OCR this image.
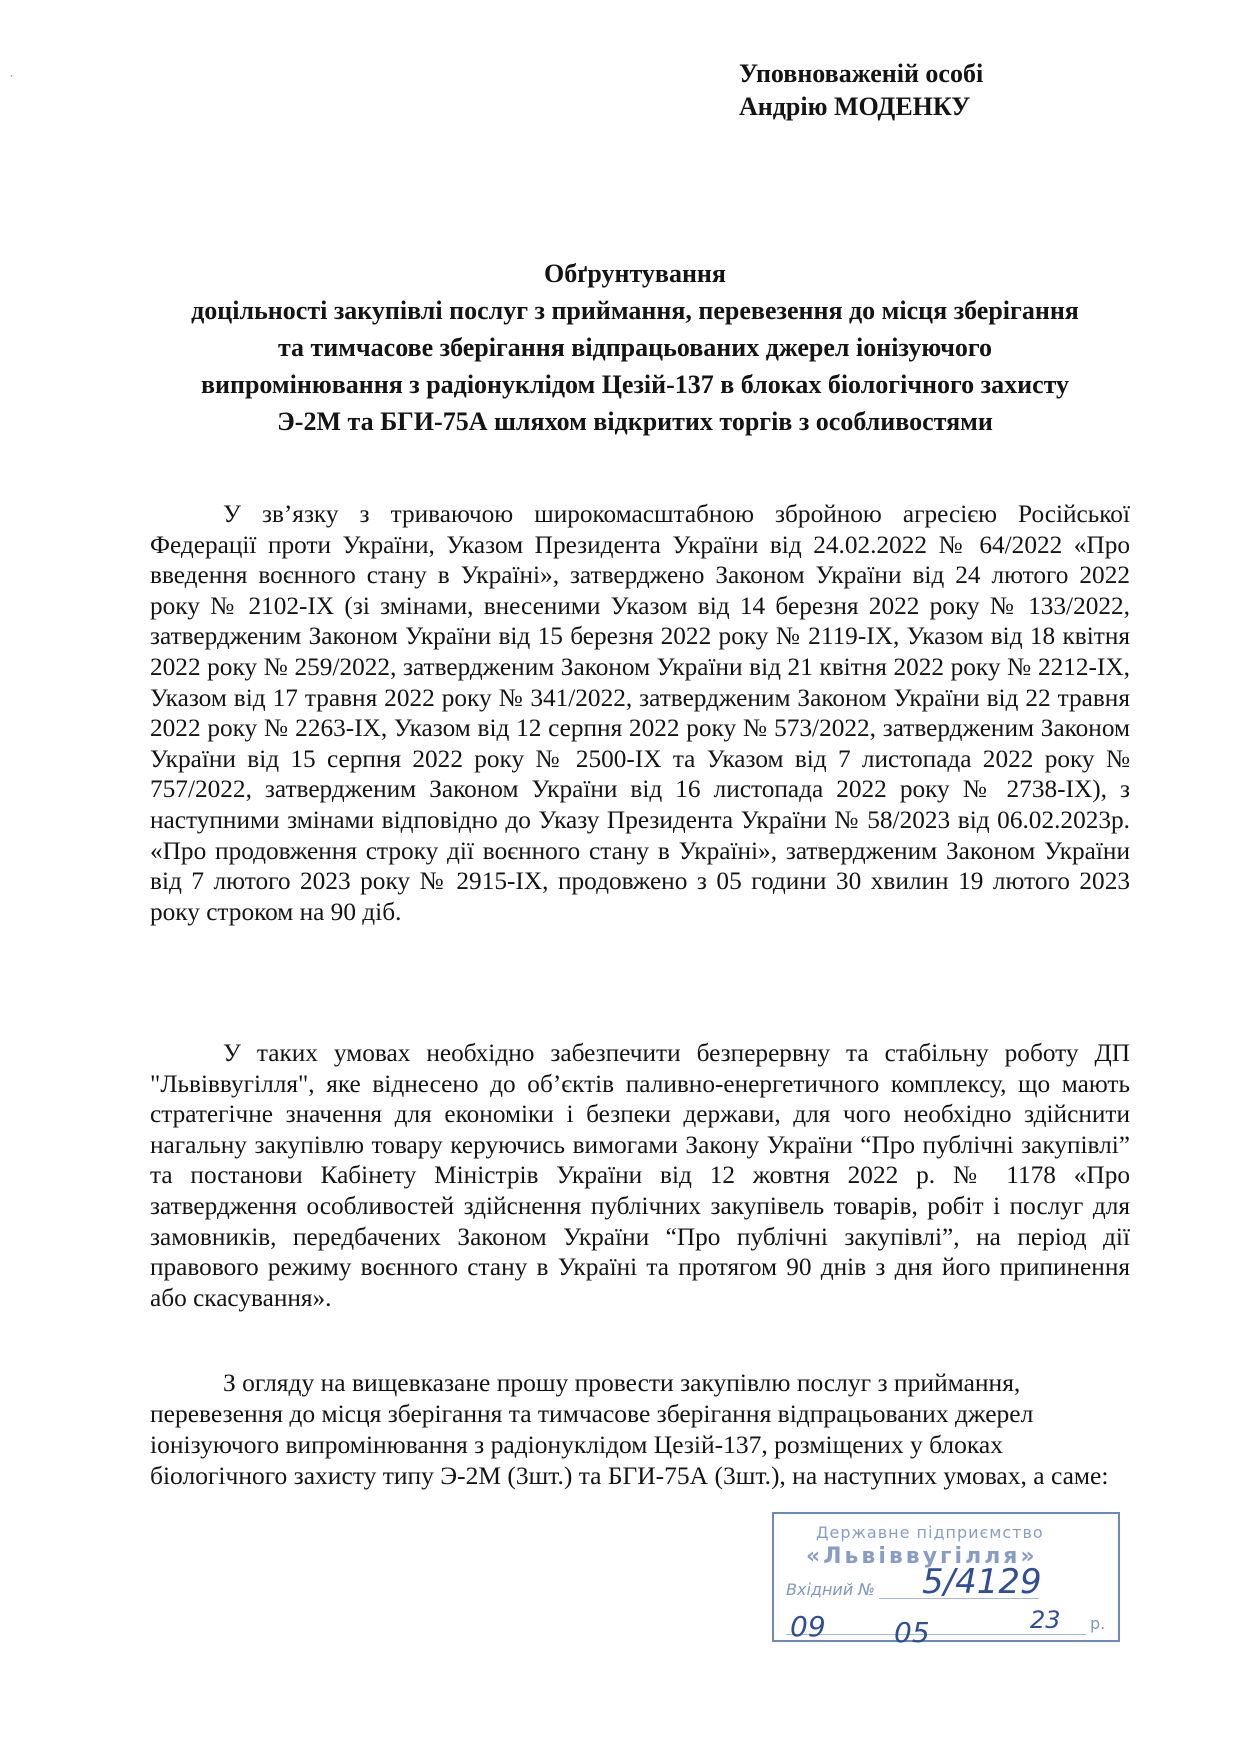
˙	Уповноваженій особі
Андрію МОДЕНКУ
Обґрунтування
доцільності закупівлі послуг з приймання, перевезення до місця зберігання
та тимчасове зберігання відпрацьованих джерел іонізуючого
випромінювання з радіонуклідом Цезій-137 в блоках біологічного захисту
Э-2М та БГИ-75А шляхом відкритих торгів з особливостями
У зв’язку з триваючою широкомасштабною збройною агресією Російської Федерації проти України, Указом Президента України від 24.02.2022 № 64/2022 «Про введення воєнного стану в Україні», затверджено Законом України від 24 лютого 2022 року № 2102-IX (зі змінами, внесеними Указом від 14 березня 2022 року № 133/2022, затвердженим Законом України від 15 березня 2022 року № 2119-IX, Указом від 18 квітня 2022 року № 259/2022, затвердженим Законом України від 21 квітня 2022 року № 2212-IX, Указом від 17 травня 2022 року № 341/2022, затвердженим Законом України від 22 травня 2022 року № 2263-IX, Указом від 12 серпня 2022 року № 573/2022, затвердженим Законом України від 15 серпня 2022 року № 2500-IX та Указом від 7 листопада 2022 року № 757/2022, затвердженим Законом України від 16 листопада 2022 року № 2738-IX), з наступними змінами відповідно до Указу Президента України № 58/2023 від 06.02.2023р. «Про продовження строку дії воєнного стану в Україні», затвердженим Законом України від 7 лютого 2023 року № 2915-IX, продовжено з 05 години 30 хвилин 19 лютого 2023 року строком на 90 діб.
У таких умовах необхідно забезпечити безперервну та стабільну роботу ДП "Львіввугілля", яке віднесено до об’єктів паливно-енергетичного комплексу, що мають стратегічне значення для економіки і безпеки держави, для чого необхідно здійснити нагальну закупівлю товару керуючись вимогами Закону України “Про публічні закупівлі” та постанови Кабінету Міністрів України від 12 жовтня 2022 р. № 1178 «Про затвердження особливостей здійснення публічних закупівель товарів, робіт і послуг для замовників, передбачених Законом України “Про публічні закупівлі”, на період дії правового режиму воєнного стану в Україні та протягом 90 днів з дня його припинення або скасування».
З огляду на вищевказане прошу провести закупівлю послуг з приймання, перевезення до місця зберігання та тимчасове зберігання відпрацьованих джерел іонізуючого випромінювання з радіонуклідом Цезій-137, розміщених у блоках біологічного захисту типу Э-2М (3шт.) та БГИ-75А (3шт.), на наступних умовах, а саме:
Державне підприємство
«Львіввугілля»
Вхідний № 5/4129
09 05	23 р.
